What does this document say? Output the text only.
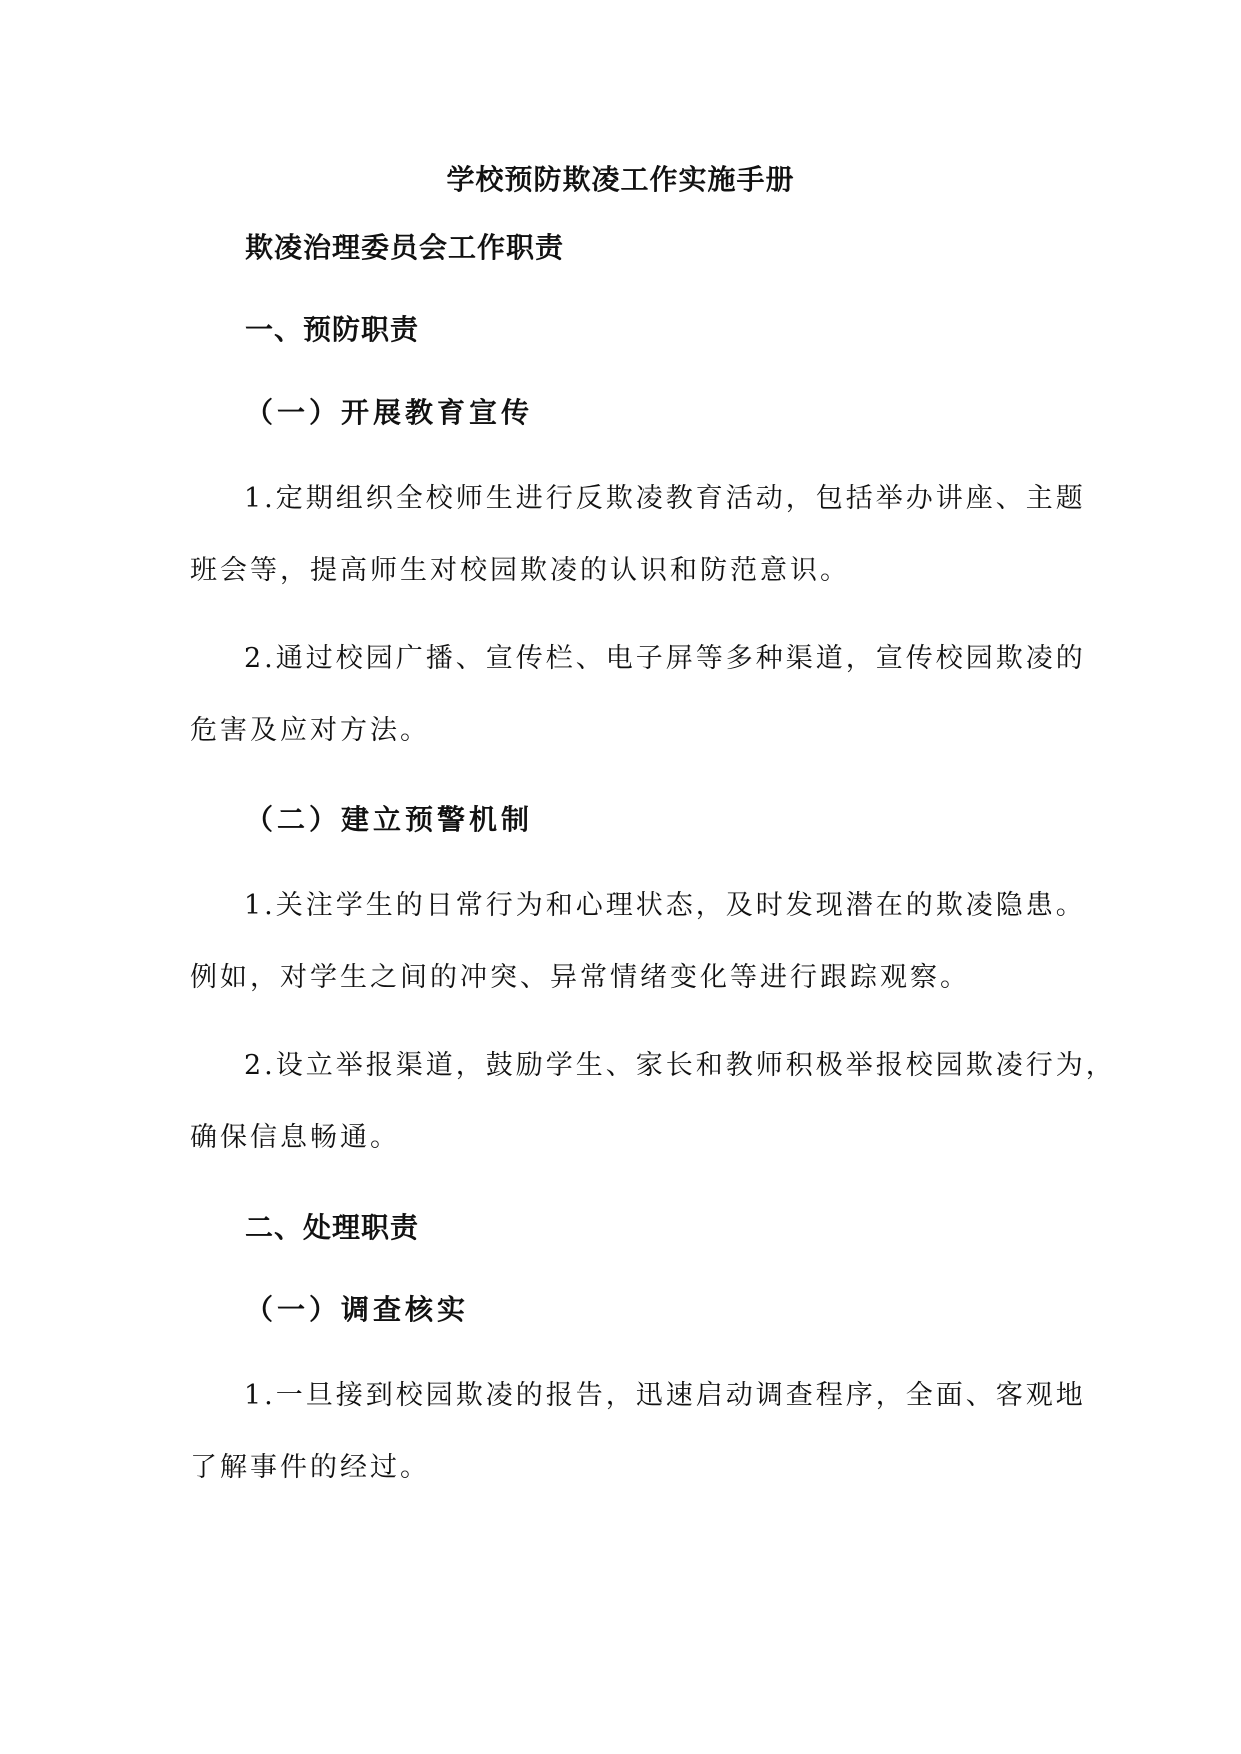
学校预防欺凌工作实施手册
欺凌治理委员会工作职责
一、预防职责
（一）开展教育宣传

1.定期组织全校师生进行反欺凌教育活动，包括举办讲座、主题
班会等，提高师生对校园欺凌的认识和防范意识。

2.通过校园广播、宣传栏、电子屏等多种渠道，宣传校园欺凌的
危害及应对方法。

（二）建立预警机制

1.关注学生的日常行为和心理状态，及时发现潜在的欺凌隐患。
例如，对学生之间的冲突、异常情绪变化等进行跟踪观察。

2.设立举报渠道，鼓励学生、家长和教师积极举报校园欺凌行为，
确保信息畅通。

二、处理职责
（一）调查核实

1.一旦接到校园欺凌的报告，迅速启动调查程序，全面、客观地
了解事件的经过。
